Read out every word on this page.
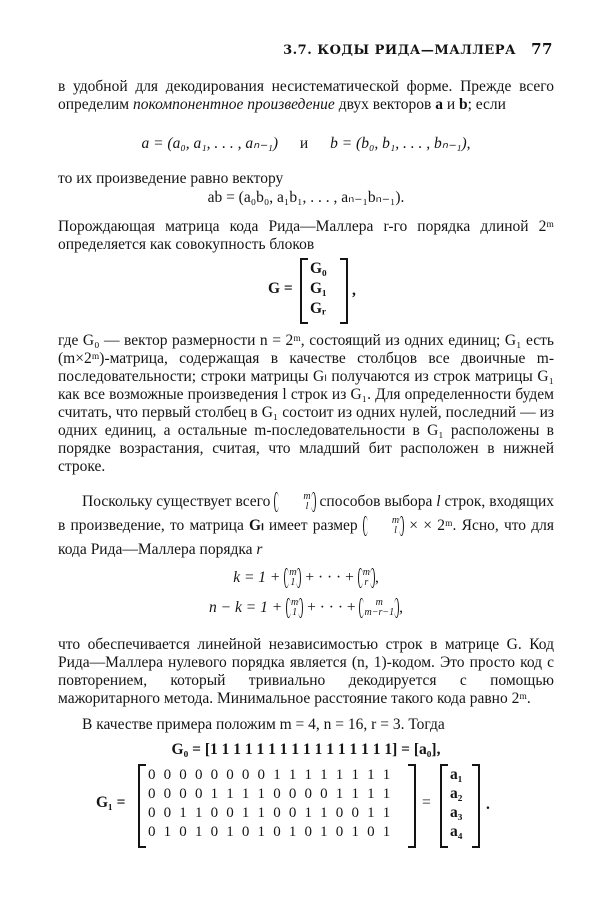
3.7. КОДЫ РИДА—МАЛЛЕРА 77
в удобной для декодирования несистематической форме. Прежде всего определим покомпонентное произведение двух векторов a и b; если
a = (a₀, a₁, . . . , aₙ₋₁) и b = (b₀, b₁, . . . , bₙ₋₁),
то их произведение равно вектору
ab = (a₀b₀, a₁b₁, . . . , aₙ₋₁bₙ₋₁).
Порождающая матрица кода Рида—Маллера r-го порядка длиной 2ᵐ определяется как совокупность блоков
G =
G₀
G₁
Gᵣ
,
где G₀ — вектор размерности n = 2ᵐ, состоящий из одних единиц; G₁ есть (m×2ᵐ)-матрица, содержащая в качестве столбцов все двоичные m-последовательности; строки матрицы Gₗ получаются из строк матрицы G₁ как все возможные произведения l строк из G₁. Для определенности будем считать, что первый столбец в G₁ состоит из одних нулей, последний — из одних единиц, а остальные m-последовательности в G₁ расположены в порядке возрастания, считая, что младший бит расположен в нижней строке.
Поскольку существует всего	m
l способов выбора l строк, входящих в произведение, то матрица Gₗ имеет размер	m
l × × 2ᵐ. Ясно, что для кода Рида—Маллера порядка r
k = 1 + m
1 + · · · + m
r ,
n − k = 1 + m
1 + · · · +	m
m−r−1 ,
что обеспечивается линейной независимостью строк в матрице G. Код Рида—Маллера нулевого порядка является (n, 1)-кодом. Это просто код с повторением, который тривиально декодируется с помощью мажоритарного метода. Минимальное расстояние такого кода равно 2ᵐ.
В качестве примера положим m = 4, n = 16, r = 3. Тогда
G₀ = [1 1 1 1 1 1 1 1 1 1 1 1 1 1 1 1] = [a₀],
G₁ =
0 0 0 0 0 0 0 0 1 1 1 1 1 1 1 1
0 0 0 0 1 1 1 1 0 0 0 0 1 1 1 1
0 0 1 1 0 0 1 1 0 0 1 1 0 0 1 1
0 1 0 1 0 1 0 1 0 1 0 1 0 1 0 1
=
a₁
a₂
a₃
a₄
.
